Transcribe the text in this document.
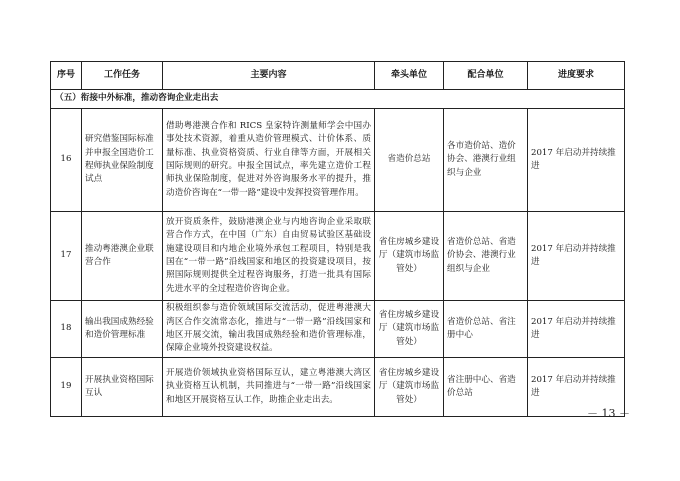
序号	工作任务	主要内容	牵头单位	配合单位	进度要求
（五）衔接中外标准，推动咨询企业走出去					
16	研究借鉴国际标准并申报全国造价工程师执业保险制度试点	借助粤港澳合作和 RICS 皇家特许测量师学会中国办事处技术资源，着重从造价管理模式、计价体系、质量标准、执业资格资质、行业自律等方面，开展相关国际规则的研究。申报全国试点，率先建立造价工程师执业保险制度，促进对外咨询服务水平的提升，推动造价咨询在“一带一路”建设中发挥投资管理作用。	省造价总站	各市造价站、造价协会、港澳行业组织与企业	2017 年启动并持续推进
17	推动粤港澳企业联营合作	放开资质条件，鼓励港澳企业与内地咨询企业采取联营合作方式，在中国（广东）自由贸易试验区基础设施建设项目和内地企业境外承包工程项目，特别是我国在“一带一路”沿线国家和地区的投资建设项目，按照国际规则提供全过程咨询服务，打造一批具有国际先进水平的全过程造价咨询企业。	省住房城乡建设厅（建筑市场监管处）	省造价总站、省造价协会、港澳行业组织与企业	2017 年启动并持续推进
18	输出我国成熟经验和造价管理标准	积极组织参与造价领域国际交流活动，促进粤港澳大湾区合作交流常态化，推进与“一带一路”沿线国家和地区开展交流，输出我国成熟经验和造价管理标准，保障企业境外投资建设权益。	省住房城乡建设厅（建筑市场监管处）	省造价总站、省注册中心	2017 年启动并持续推进
19	开展执业资格国际互认	开展造价领域执业资格国际互认，建立粤港澳大湾区执业资格互认机制，共同推进与“一带一路”沿线国家和地区开展资格互认工作，助推企业走出去。	省住房城乡建设厅（建筑市场监管处）	省注册中心、省造价总站	2017 年启动并持续推进
－ 13 －
